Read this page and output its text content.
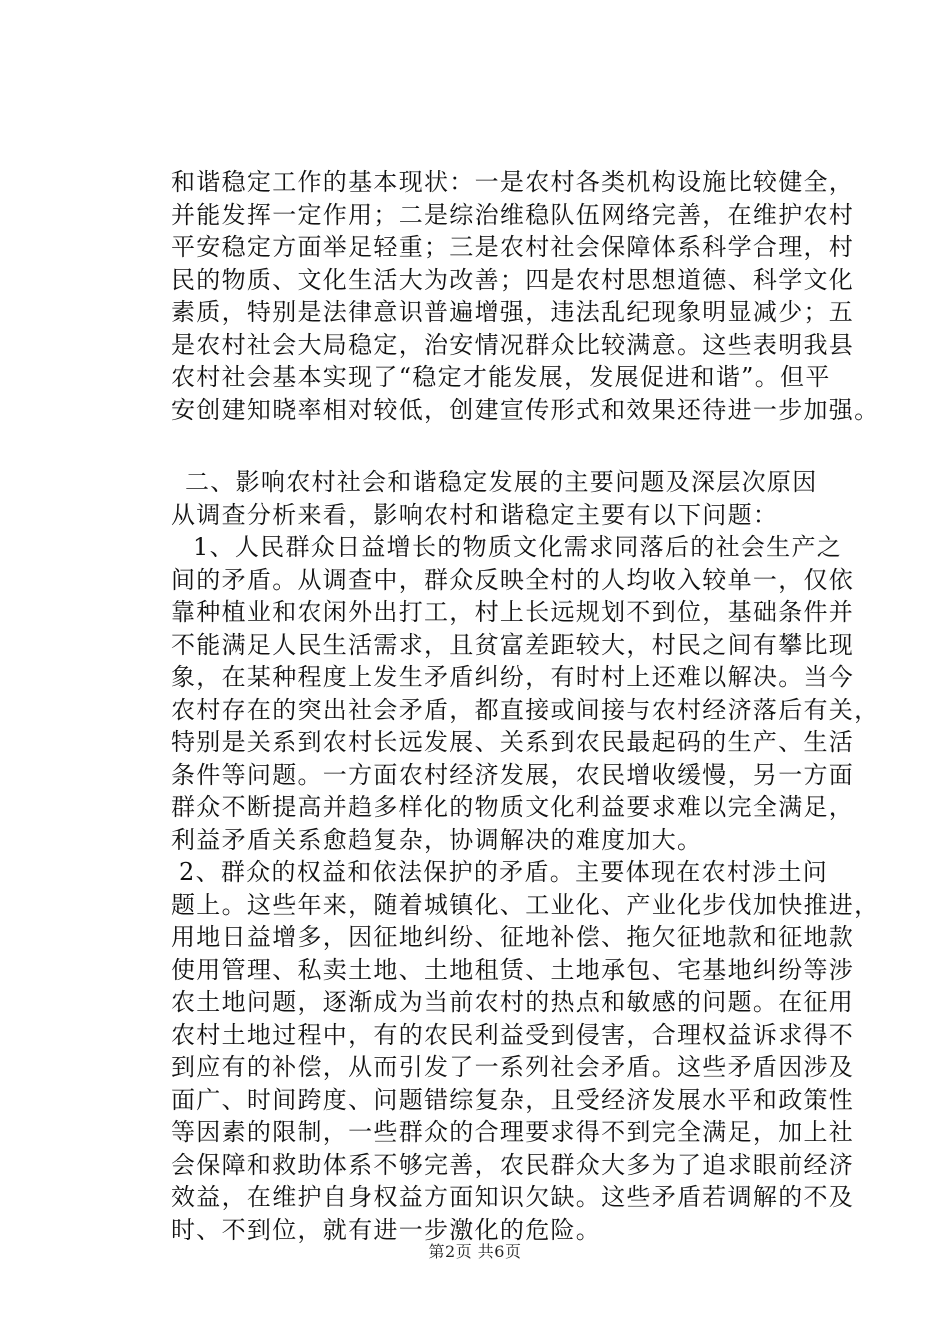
和谐稳定工作的基本现状：一是农村各类机构设施比较健全，
并能发挥一定作用；二是综治维稳队伍网络完善，在维护农村
平安稳定方面举足轻重；三是农村社会保障体系科学合理，村
民的物质、文化生活大为改善；四是农村思想道德、科学文化
素质，特别是法律意识普遍增强，违法乱纪现象明显减少；五
是农村社会大局稳定，治安情况群众比较满意。这些表明我县
农村社会基本实现了“稳定才能发展，发展促进和谐”。但平
安创建知晓率相对较低，创建宣传形式和效果还待进一步加强。
二、影响农村社会和谐稳定发展的主要问题及深层次原因
从调查分析来看，影响农村和谐稳定主要有以下问题：
1、人民群众日益增长的物质文化需求同落后的社会生产之
间的矛盾。从调查中，群众反映全村的人均收入较单一，仅依
靠种植业和农闲外出打工，村上长远规划不到位，基础条件并
不能满足人民生活需求，且贫富差距较大，村民之间有攀比现
象，在某种程度上发生矛盾纠纷，有时村上还难以解决。当今
农村存在的突出社会矛盾，都直接或间接与农村经济落后有关，
特别是关系到农村长远发展、关系到农民最起码的生产、生活
条件等问题。一方面农村经济发展，农民增收缓慢，另一方面
群众不断提高并趋多样化的物质文化利益要求难以完全满足，
利益矛盾关系愈趋复杂，协调解决的难度加大。
2、群众的权益和依法保护的矛盾。主要体现在农村涉土问
题上。这些年来，随着城镇化、工业化、产业化步伐加快推进，
用地日益增多，因征地纠纷、征地补偿、拖欠征地款和征地款
使用管理、私卖土地、土地租赁、土地承包、宅基地纠纷等涉
农土地问题，逐渐成为当前农村的热点和敏感的问题。在征用
农村土地过程中，有的农民利益受到侵害，合理权益诉求得不
到应有的补偿，从而引发了一系列社会矛盾。这些矛盾因涉及
面广、时间跨度、问题错综复杂，且受经济发展水平和政策性
等因素的限制，一些群众的合理要求得不到完全满足，加上社
会保障和救助体系不够完善，农民群众大多为了追求眼前经济
效益，在维护自身权益方面知识欠缺。这些矛盾若调解的不及
时、不到位，就有进一步激化的危险。
第2页 共6页
